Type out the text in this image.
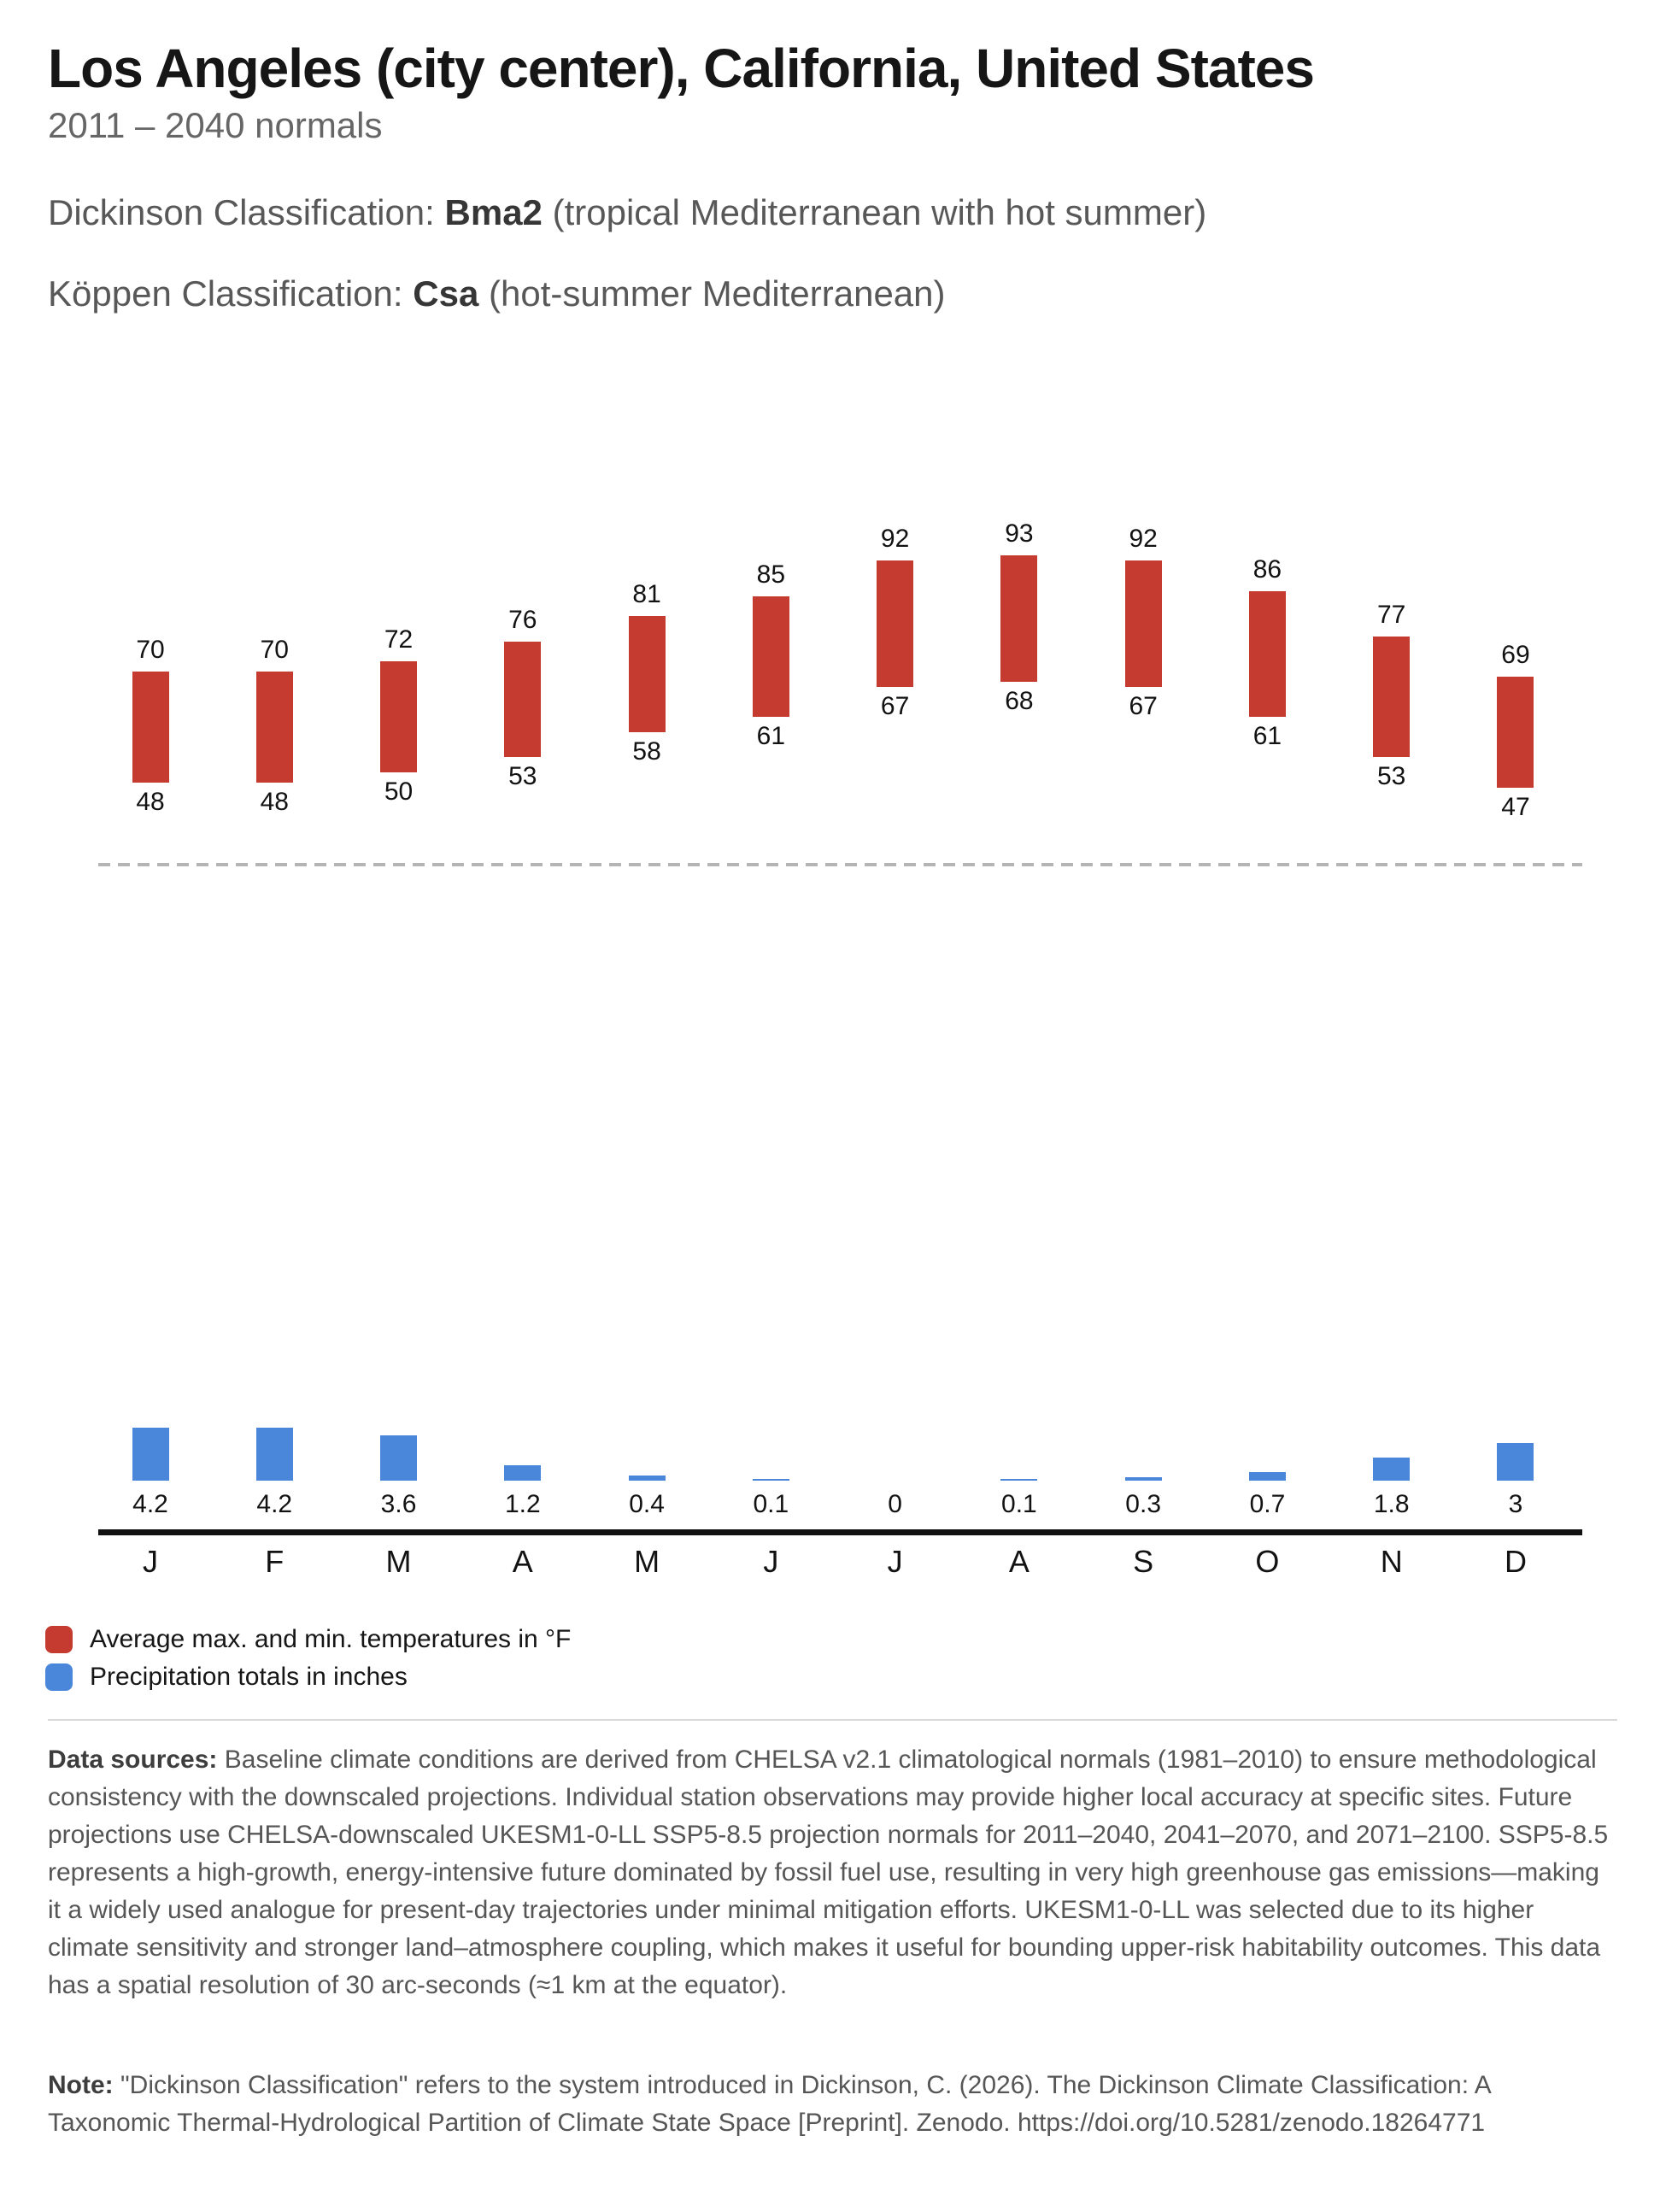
Los Angeles (city center), California, United States
2011 – 2040 normals

Dickinson Classification: Bma2 (tropical Mediterranean with hot summer)

Köppen Classification: Csa (hot-summer Mediterranean)

70
48
4.2
J
70
48
4.2
F
72
50
3.6
M
76
53
1.2
A
81
58
0.4
M
85
61
0.1
J
92
67
0
J
93
68
0.1
A
92
67
0.3
S
86
61
0.7
O
77
53
1.8
N
69
47
3
D
Average max. and min. temperatures in °F
Precipitation totals in inches

Data sources: Baseline climate conditions are derived from CHELSA v2.1 climatological normals (1981–2010) to ensure methodological consistency with the downscaled projections. Individual station observations may provide higher local accuracy at specific sites. Future projections use CHELSA-downscaled UKESM1-0-LL SSP5-8.5 projection normals for 2011–2040, 2041–2070, and 2071–2100. SSP5-8.5 represents a high-growth, energy-intensive future dominated by fossil fuel use, resulting in very high greenhouse gas emissions—making it a widely used analogue for present-day trajectories under minimal mitigation efforts. UKESM1-0-LL was selected due to its higher climate sensitivity and stronger land–atmosphere coupling, which makes it useful for bounding upper-risk habitability outcomes. This data has a spatial resolution of 30 arc-seconds (≈1 km at the equator).

Note: "Dickinson Classification" refers to the system introduced in Dickinson, C. (2026). The Dickinson Climate Classification: A Taxonomic Thermal-Hydrological Partition of Climate State Space [Preprint]. Zenodo. https://doi.org/10.5281/zenodo.18264771
